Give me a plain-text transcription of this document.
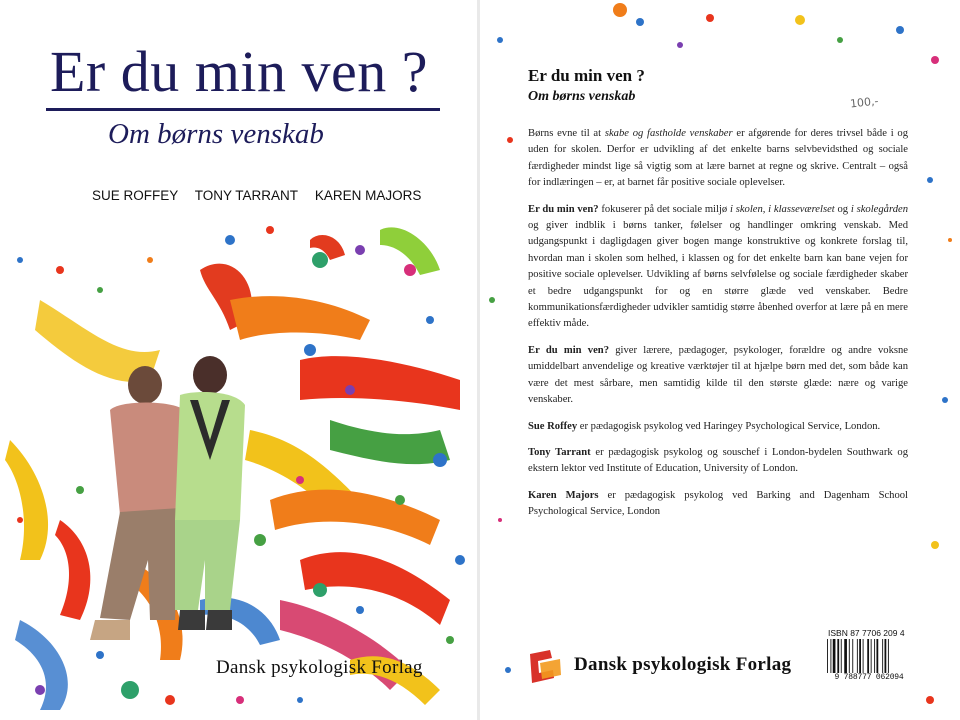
Er du min ven ?
Om børns venskab
SUE ROFFEY TONY TARRANT KAREN MAJORS
Dansk psykologisk Forlag
Er du min ven ?
Om børns venskab	100,-

Børns evne til at skabe og fastholde venskaber er afgørende for deres trivsel både i og uden for skolen. Derfor er udvikling af det enkelte barns selvbevidsthed og sociale færdigheder mindst lige så vigtig som at lære barnet at regne og skrive. Centralt – også for indlæringen – er, at barnet får positive sociale oplevelser.

Er du min ven? fokuserer på det sociale miljø i skolen, i klasseværelset og i skolegården og giver indblik i børns tanker, følelser og handlinger omkring venskab. Med udgangspunkt i dagligdagen giver bogen mange konstruktive og konkrete forslag til, hvordan man i skolen som helhed, i klassen og for det enkelte barn kan bane vejen for positive sociale oplevelser. Udvikling af børns selvfølelse og sociale færdigheder skaber et bedre udgangspunkt for og en større glæde ved venskaber. Bedre kommunikationsfærdigheder udvikler samtidig større åbenhed overfor at lære på en mere effektiv måde.

Er du min ven? giver lærere, pædagoger, psykologer, forældre og andre voksne umiddelbart anvendelige og kreative værktøjer til at hjælpe børn med det, som både kan være det mest sårbare, men samtidig kilde til den største glæde: nære og varige venskaber.

Sue Roffey er pædagogisk psykolog ved Haringey Psychological Service, London.

Tony Tarrant er pædagogisk psykolog og souschef i London-bydelen Southwark og ekstern lektor ved Institute of Education, University of London.

Karen Majors er pædagogisk psykolog ved Barking and Dagenham School Psychological Service, London

Dansk psykologisk Forlag
ISBN 87 7706 209 4
9 788777 062094
